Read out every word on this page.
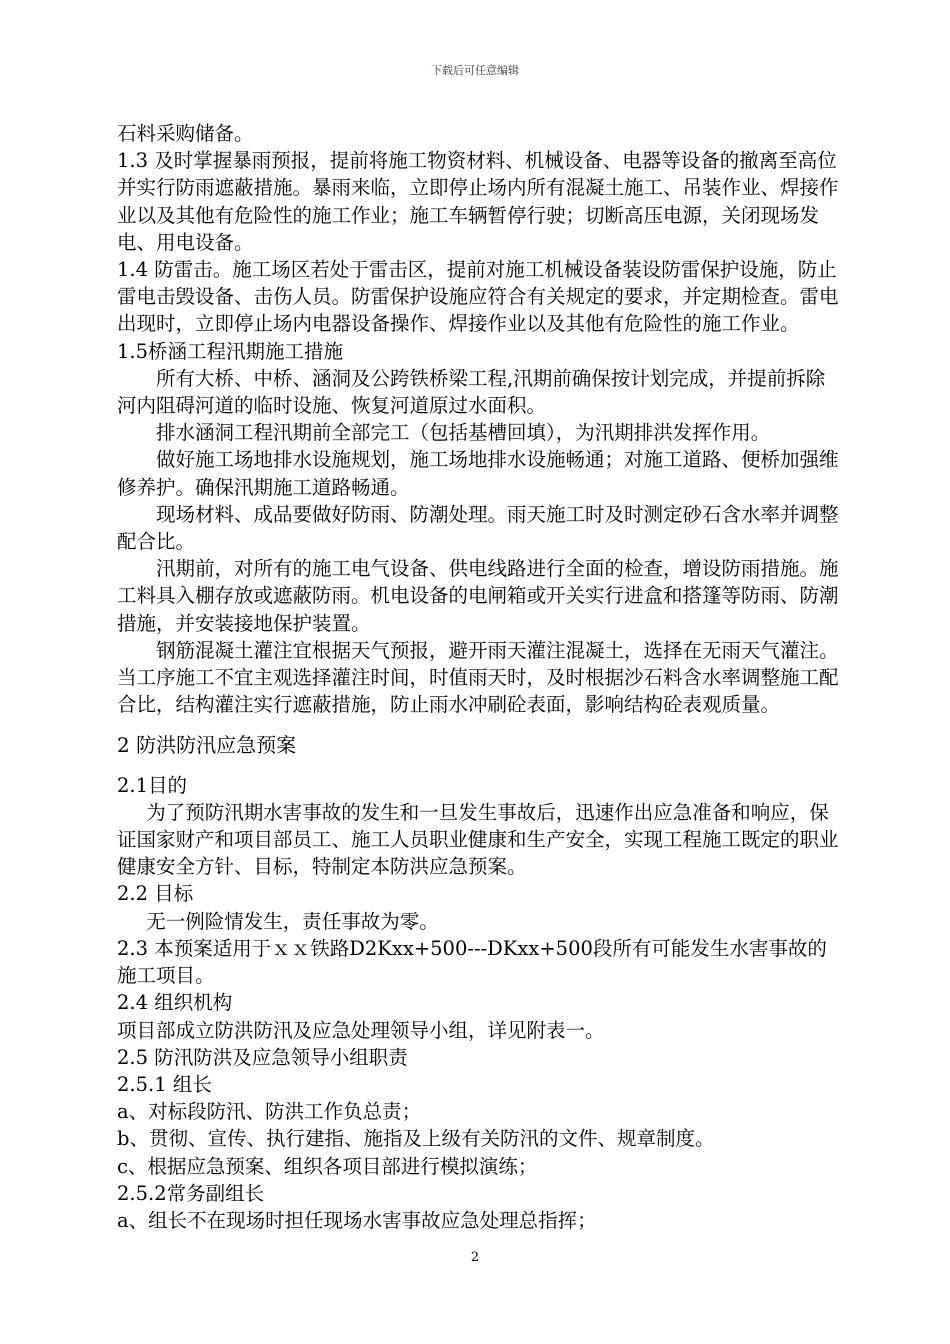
下载后可任意编辑

石料采购储备。

1.3 及时掌握暴雨预报，提前将施工物资材料、机械设备、电器等设备的撤离至高位并实行防雨遮蔽措施。暴雨来临，立即停止场内所有混凝土施工、吊装作业、焊接作业以及其他有危险性的施工作业；施工车辆暂停行驶；切断高压电源，关闭现场发电、用电设备。

1.4 防雷击。施工场区若处于雷击区，提前对施工机械设备装设防雷保护设施，防止雷电击毁设备、击伤人员。防雷保护设施应符合有关规定的要求，并定期检查。雷电出现时，立即停止场内电器设备操作、焊接作业以及其他有危险性的施工作业。

1.5桥涵工程汛期施工措施

所有大桥、中桥、涵洞及公跨铁桥梁工程,汛期前确保按计划完成，并提前拆除河内阻碍河道的临时设施、恢复河道原过水面积。

排水涵洞工程汛期前全部完工（包括基槽回填），为汛期排洪发挥作用。

做好施工场地排水设施规划，施工场地排水设施畅通；对施工道路、便桥加强维修养护。确保汛期施工道路畅通。

现场材料、成品要做好防雨、防潮处理。雨天施工时及时测定砂石含水率并调整配合比。

汛期前，对所有的施工电气设备、供电线路进行全面的检查，增设防雨措施。施工料具入棚存放或遮蔽防雨。机电设备的电闸箱或开关实行进盒和搭篷等防雨、防潮措施，并安装接地保护装置。

钢筋混凝土灌注宜根据天气预报，避开雨天灌注混凝土，选择在无雨天气灌注。当工序施工不宜主观选择灌注时间，时值雨天时，及时根据沙石料含水率调整施工配合比，结构灌注实行遮蔽措施，防止雨水冲刷砼表面，影响结构砼表观质量。

2 防洪防汛应急预案

2.1目的

为了预防汛期水害事故的发生和一旦发生事故后，迅速作出应急准备和响应，保证国家财产和项目部员工、施工人员职业健康和生产安全，实现工程施工既定的职业健康安全方针、目标，特制定本防洪应急预案。

2.2 目标

无一例险情发生，责任事故为零。

2.3 本预案适用于ｘｘ铁路D2Kxx+500---DKxx+500段所有可能发生水害事故的施工项目。

2.4 组织机构

项目部成立防洪防汛及应急处理领导小组，详见附表一。

2.5 防汛防洪及应急领导小组职责

2.5.1 组长

a、对标段防汛、防洪工作负总责；

b、贯彻、宣传、执行建指、施指及上级有关防汛的文件、规章制度。

c、根据应急预案、组织各项目部进行模拟演练；

2.5.2常务副组长

a、组长不在现场时担任现场水害事故应急处理总指挥；

2
